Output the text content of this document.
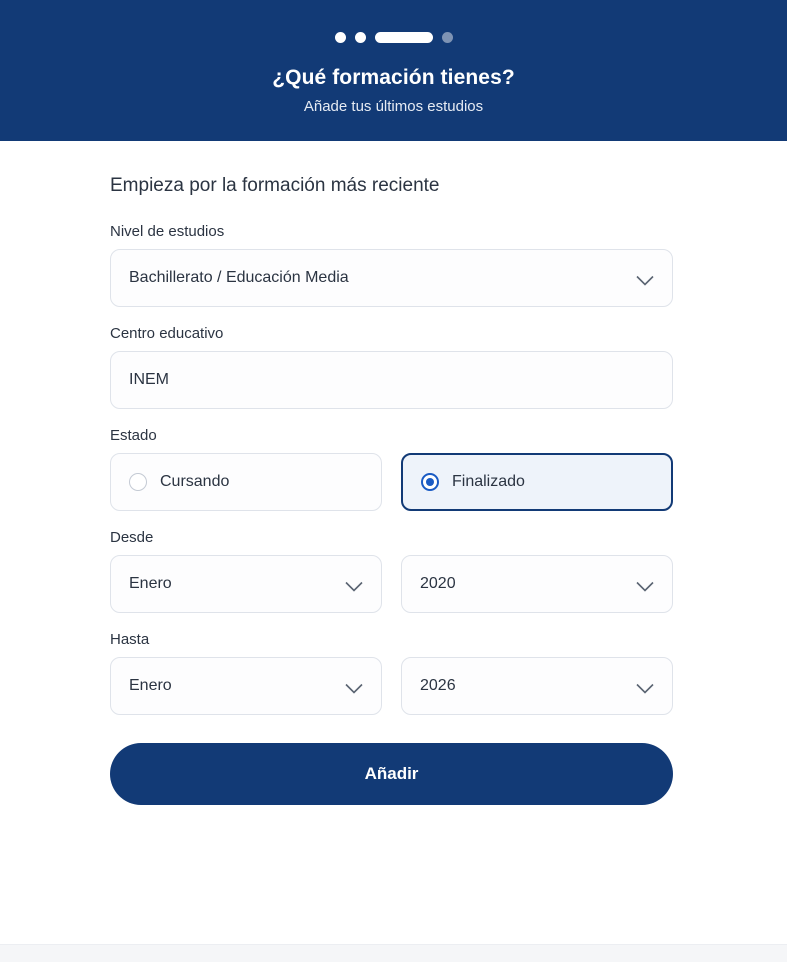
¿Qué formación tienes?

Añade tus últimos estudios

Empieza por la formación más reciente

Nivel de estudios
Bachillerato / Educación Media
Centro educativo
INEM
Estado
Cursando	Finalizado
Desde
Enero	2020
Hasta
Enero	2026
Añadir
